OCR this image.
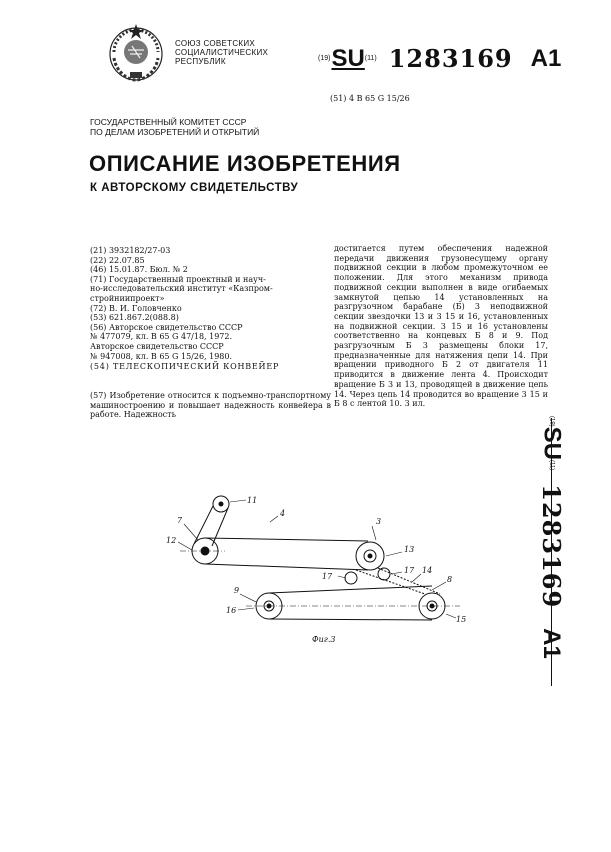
СОЮЗ СОВЕТСКИХ
СОЦИАЛИСТИЧЕСКИХ
РЕСПУБЛИК	(19)SU(11) 1283169 A1
(51) 4 B 65 G 15/26
ГОСУДАРСТВЕННЫЙ КОМИТЕТ СССР
ПО ДЕЛАМ ИЗОБРЕТЕНИЙ И ОТКРЫТИЙ
ОПИСАНИЕ ИЗОБРЕТЕНИЯ
К АВТОРСКОМУ СВИДЕТЕЛЬСТВУ
(21) 3932182/27-03
(22) 22.07.85
(46) 15.01.87. Бюл. № 2
(71) Государственный проектный и науч-
но-исследовательский институт «Казпром-
стройниипроект»
(72) В. И. Головченко
(53) 621.867.2(088.8)
(56) Авторское свидетельство СССР
№ 477079, кл. B 65 G 47/18, 1972.
Авторское свидетельство СССР
№ 947008, кл. B 65 G 15/26, 1980.
(54) ТЕЛЕСКОПИЧЕСКИЙ КОНВЕЙЕР
(57) Изобретение относится к подъемно-транспортному машиностроению и повышает надежность конвейера в работе. Надежность
достигается путем обеспечения надежной передачи движения грузонесущему органу подвижной секции в любом промежуточном ее положении. Для этого механизм привода подвижной секции выполнен в виде огибаемых замкнутой цепью 14 установленных на разгрузочном барабане (Б) 3 неподвижной секции звездочки 13 и 3 15 и 16, установленных на подвижной секции. 3 15 и 16 установлены соответственно на концевых Б 8 и 9. Под разгрузочным Б 3 размещены блоки 17, предназначенные для натяжения цепи 14. При вращении приводного Б 2 от двигателя 11 приводится в движение лента 4. Происходит вращение Б 3 и 13, проводящей в движение цепь 14. Через цепь 14 проводится во вращение 3 15 и Б 8 с лентой 10. 3 ил.
(19)SU(11)1283169A1
11
7
4
3
12
13
17
17 14
9
8
16
15
Фиг.3
